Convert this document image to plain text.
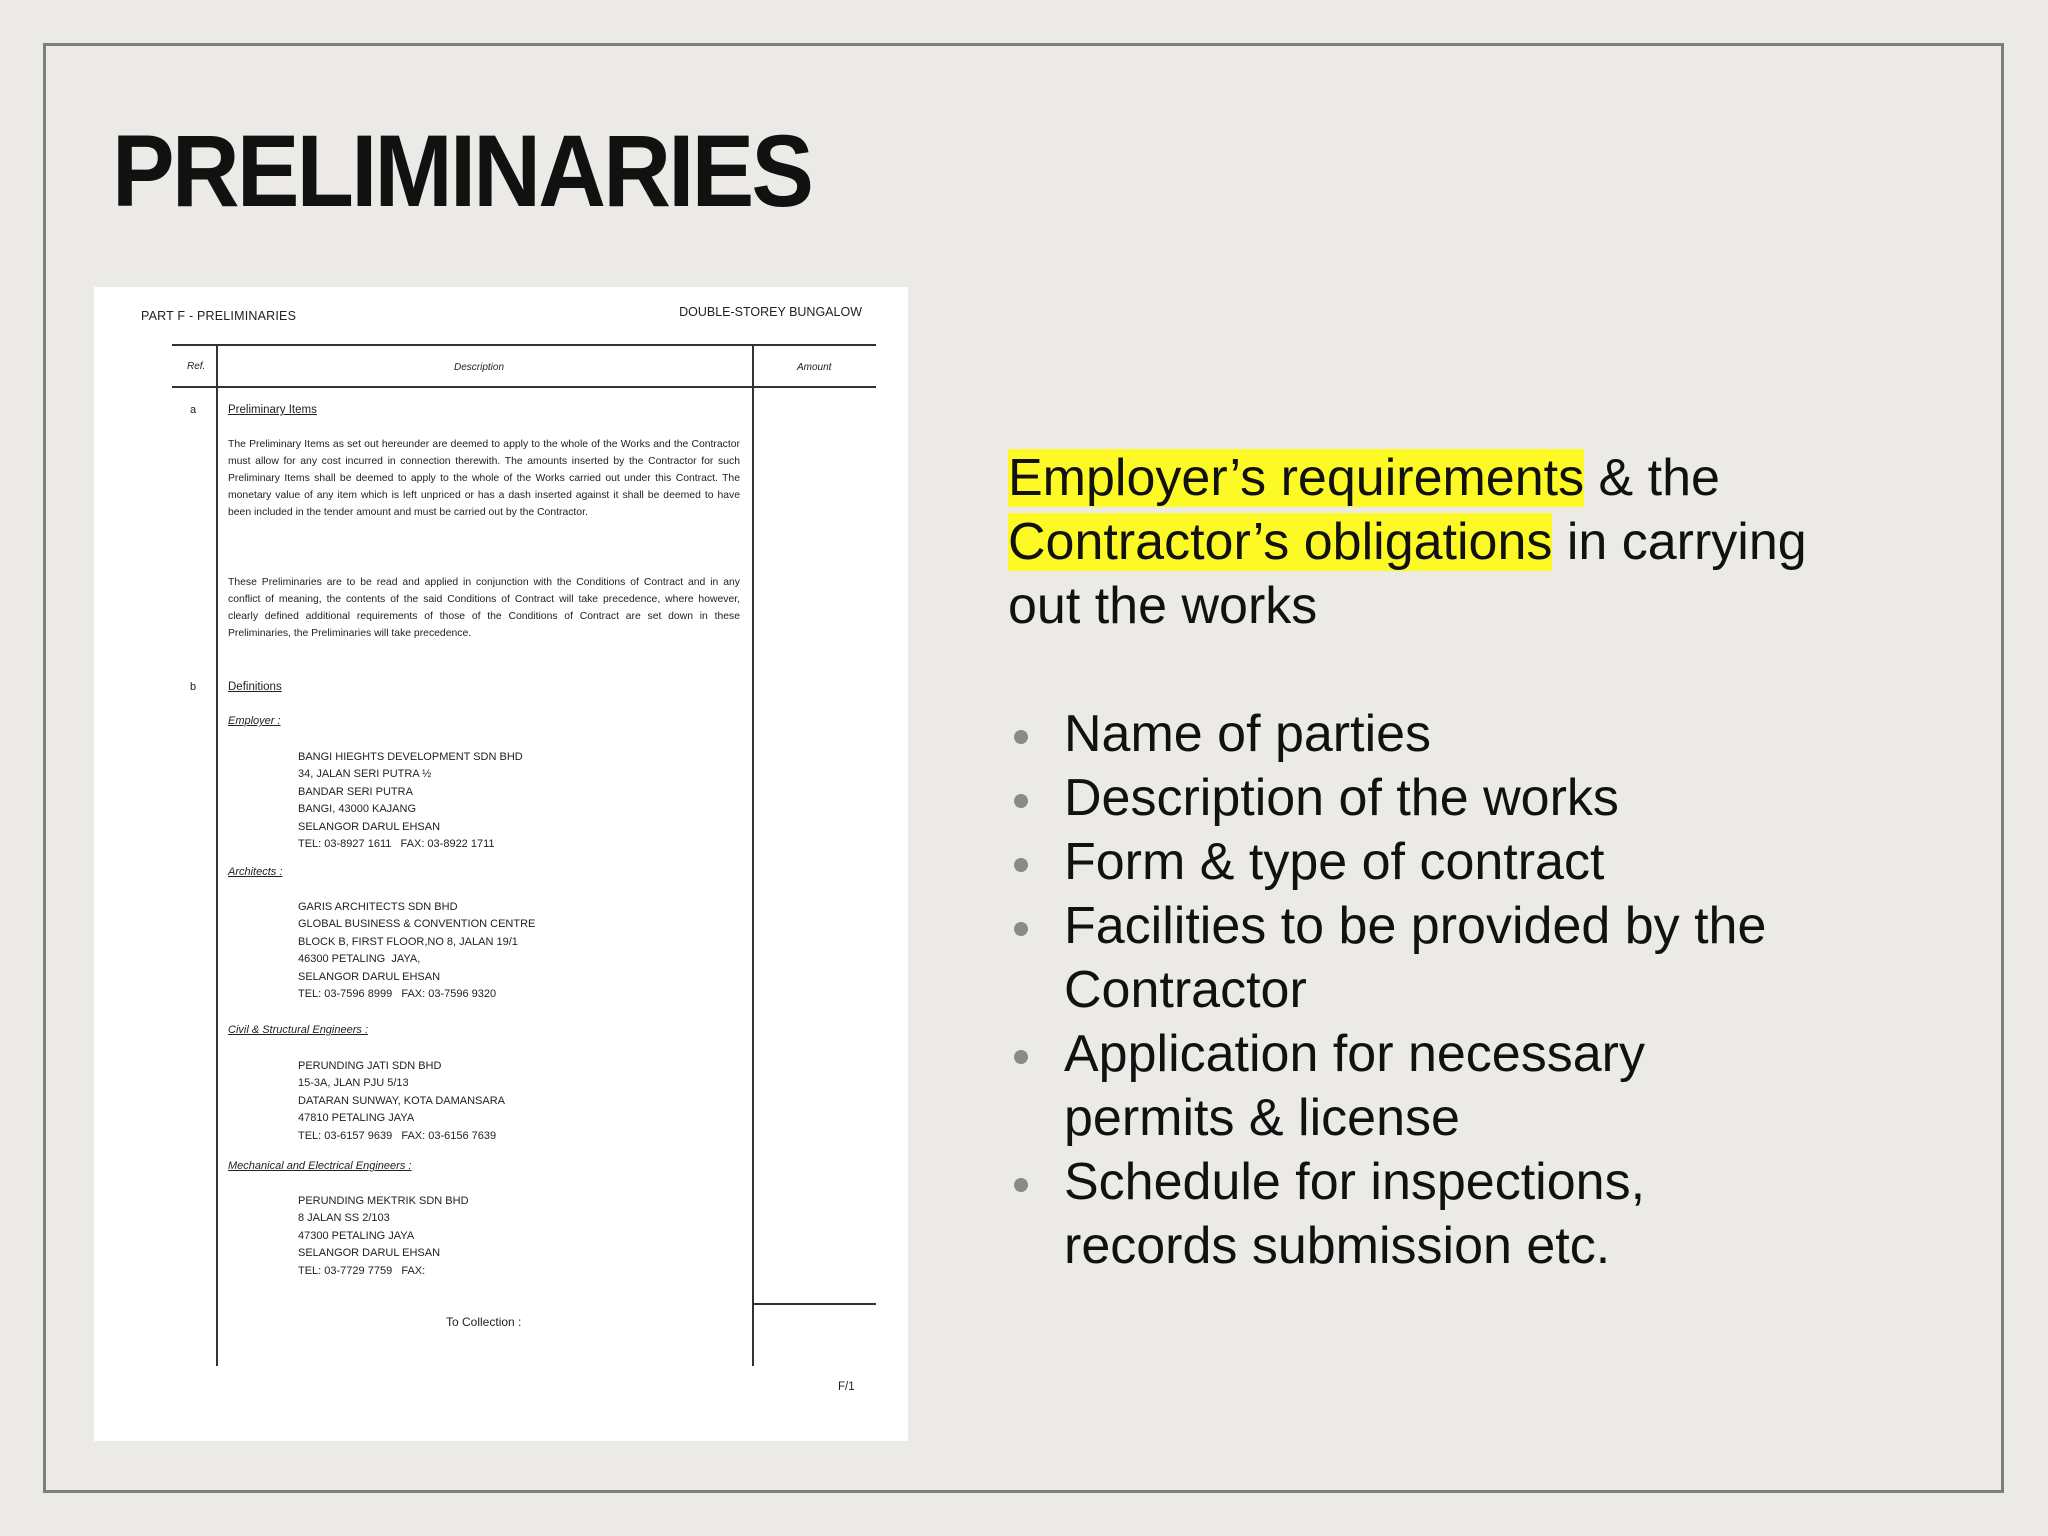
PRELIMINARIES
PART F - PRELIMINARIES	DOUBLE-STOREY BUNGALOW
Ref.	Description	Amount
a	Preliminary Items

The Preliminary Items as set out hereunder are deemed to apply to the whole of the Works and the Contractor must allow for any cost incurred in connection therewith. The amounts inserted by the Contractor for such Preliminary Items shall be deemed to apply to the whole of the Works carried out under this Contract. The monetary value of any item which is left unpriced or has a dash inserted against it shall be deemed to have been included in the tender amount and must be carried out by the Contractor.

These Preliminaries are to be read and applied in conjunction with the Conditions of Contract and in any conflict of meaning, the contents of the said Conditions of Contract will take precedence, where however, clearly defined additional requirements of those of the Conditions of Contract are set down in these Preliminaries, the Preliminaries will take precedence.

b	Definitions
Employer :

BANGI HIEGHTS DEVELOPMENT SDN BHD
34, JALAN SERI PUTRA ½
BANDAR SERI PUTRA
BANGI, 43000 KAJANG
SELANGOR DARUL EHSAN
TEL: 03-8927 1611   FAX: 03-8922 1711

Architects :

GARIS ARCHITECTS SDN BHD
GLOBAL BUSINESS & CONVENTION CENTRE
BLOCK B, FIRST FLOOR,NO 8, JALAN 19/1
46300 PETALING  JAYA,
SELANGOR DARUL EHSAN
TEL: 03-7596 8999   FAX: 03-7596 9320

Civil & Structural Engineers :

PERUNDING JATI SDN BHD
15-3A, JLAN PJU 5/13
DATARAN SUNWAY, KOTA DAMANSARA
47810 PETALING JAYA
TEL: 03-6157 9639   FAX: 03-6156 7639

Mechanical and Electrical Engineers :

PERUNDING MEKTRIK SDN BHD
8 JALAN SS 2/103
47300 PETALING JAYA
SELANGOR DARUL EHSAN
TEL: 03-7729 7759   FAX:

To Collection :
F/1
Employer’s requirements & the Contractor’s obligations in carrying out the works
Name of parties
Description of the works
Form & type of contract
Facilities to be provided by the Contractor
Application for necessary permits & license
Schedule for inspections, records submission etc.
